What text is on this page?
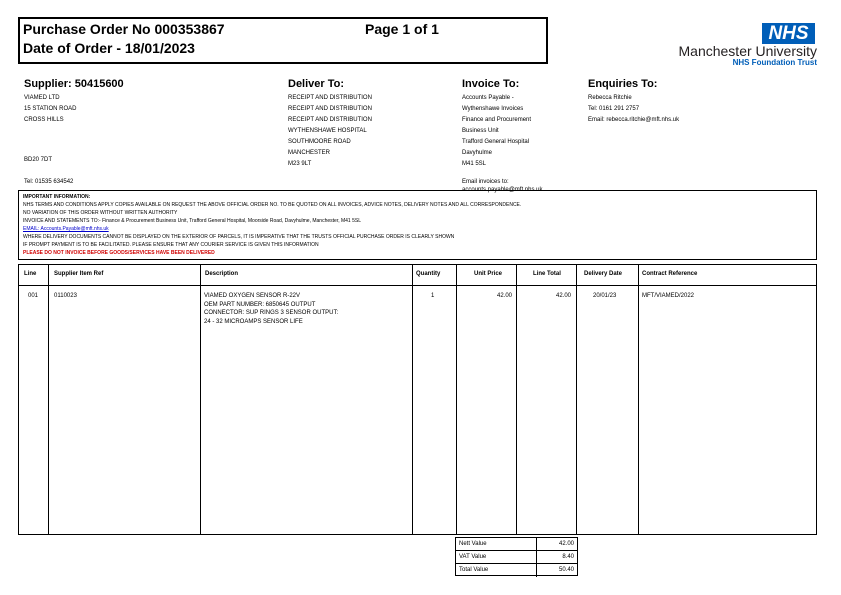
Purchase Order No 000353867
Date of Order - 18/01/2023
Page 1 of 1	NHS
Manchester University
NHS Foundation Trust
Supplier: 50415600
VIAMED LTD
15 STATION ROAD
CROSS HILLS
BD20 7DT
Tel: 01535 634542
Deliver To:
RECEIPT AND DISTRIBUTION
RECEIPT AND DISTRIBUTION
RECEIPT AND DISTRIBUTION
WYTHENSHAWE HOSPITAL
SOUTHMOORE ROAD
MANCHESTER
M23 9LT
Invoice To:
Accounts Payable -
Wythenshawe Invoices
Finance and Procurement
Business Unit
Trafford General Hospital
Davyhulme
M41 5SL
Email invoices to:
accounts.payable@mft.nhs.uk
Enquiries To:
Rebecca Ritchie
Tel: 0161 291 2757
Email: rebecca.ritchie@mft.nhs.uk
IMPORTANT INFORMATION:
NHS TERMS AND CONDITIONS APPLY COPIES AVAILABLE ON REQUEST THE ABOVE OFFICIAL ORDER NO. TO BE QUOTED ON ALL INVOICES, ADVICE NOTES, DELIVERY NOTES AND ALL CORRESPONDENCE.
NO VARIATION OF THIS ORDER WITHOUT WRITTEN AUTHORITY
INVOICE AND STATEMENTS TO:- Finance & Procurement Business Unit, Trafford General Hospital, Moorside Road, Davyhulme, Manchester, M41 5SL
EMAIL: Accounts.Payable@mft.nhs.uk
WHERE DELIVERY DOCUMENTS CANNOT BE DISPLAYED ON THE EXTERIOR OF PARCELS, IT IS IMPERATIVE THAT THE TRUSTS OFFICIAL PURCHASE ORDER IS CLEARLY SHOWN
IF PROMPT PAYMENT IS TO BE FACILITATED. PLEASE ENSURE THAT ANY COURIER SERVICE IS GIVEN THIS INFORMATION
PLEASE DO NOT INVOICE BEFORE GOODS/SERVICES HAVE BEEN DELIVERED
Line	Supplier Item Ref	Description	Quantity	Unit Price	Line Total	Delivery Date	Contract Reference
001	0110023	VIAMED OXYGEN SENSOR R-22V
OEM PART NUMBER: 6850645 OUTPUT
CONNECTOR: SUP RINGS 3 SENSOR OUTPUT:
24 - 32 MICROAMPS SENSOR LIFE
1	42.00	42.00	20/01/23	MFT/VIAMED/2022
Nett Value	42.00
VAT Value	8.40
Total Value	50.40
